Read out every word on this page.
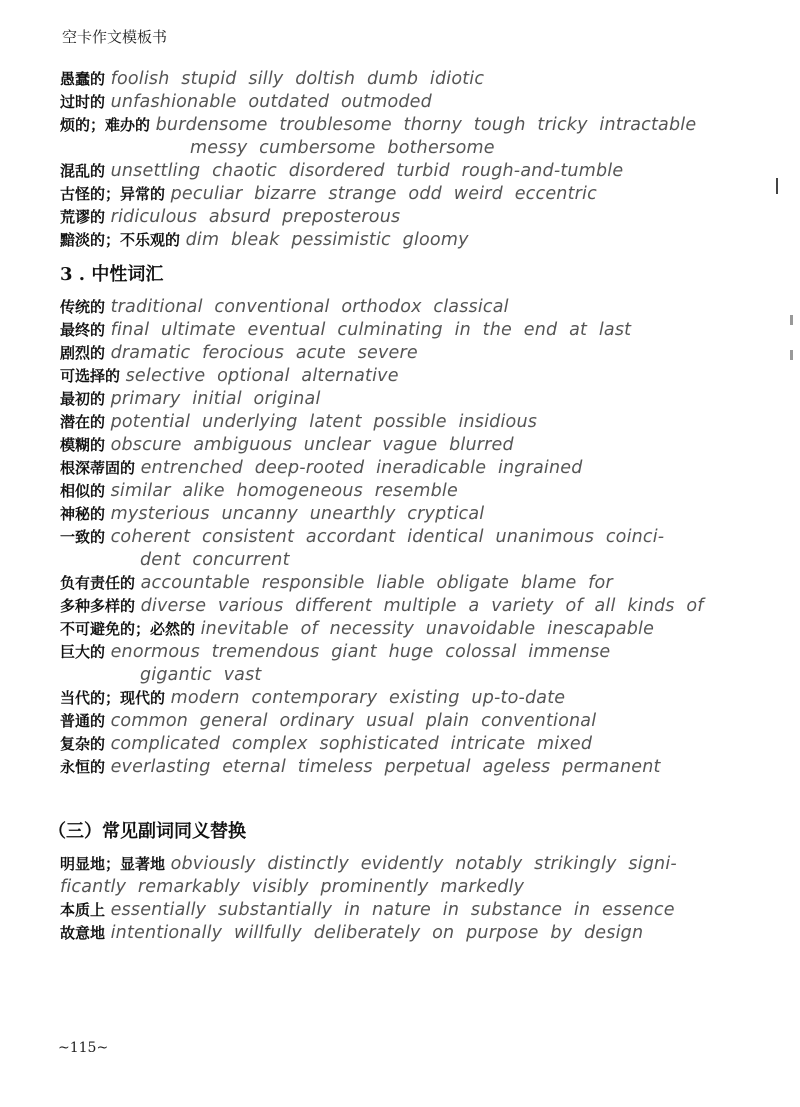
空卡作文模板书

愚蠢的 foolish stupid silly doltish dumb idiotic

过时的 unfashionable outdated outmoded

烦的；难办的 burdensome troublesome thorny tough tricky intractable
messy cumbersome bothersome

混乱的 unsettling chaotic disordered turbid rough-and-tumble

古怪的；异常的 peculiar bizarre strange odd weird eccentric

荒谬的 ridiculous absurd preposterous

黯淡的；不乐观的 dim bleak pessimistic gloomy

3 . 中性词汇

传统的 traditional conventional orthodox classical

最终的 final ultimate eventual culminating in the end at last

剧烈的 dramatic ferocious acute severe

可选择的 selective optional alternative

最初的 primary initial original

潜在的 potential underlying latent possible insidious

模糊的 obscure ambiguous unclear vague blurred

根深蒂固的 entrenched deep-rooted ineradicable ingrained

相似的 similar alike homogeneous resemble

神秘的 mysterious uncanny unearthly cryptical

一致的 coherent consistent accordant identical unanimous coinci-
dent concurrent

负有责任的 accountable responsible liable obligate blame for

多种多样的 diverse various different multiple a variety of all kinds of

不可避免的；必然的 inevitable of necessity unavoidable inescapable

巨大的 enormous tremendous giant huge colossal immense
gigantic vast

当代的；现代的 modern contemporary existing up-to-date

普通的 common general ordinary usual plain conventional

复杂的 complicated complex sophisticated intricate mixed

永恒的 everlasting eternal timeless perpetual ageless permanent

（三）常见副词同义替换

明显地；显著地 obviously distinctly evidently notably strikingly signi-
ficantly remarkably visibly prominently markedly

本质上 essentially substantially in nature in substance in essence

故意地 intentionally willfully deliberately on purpose by design

~115~
